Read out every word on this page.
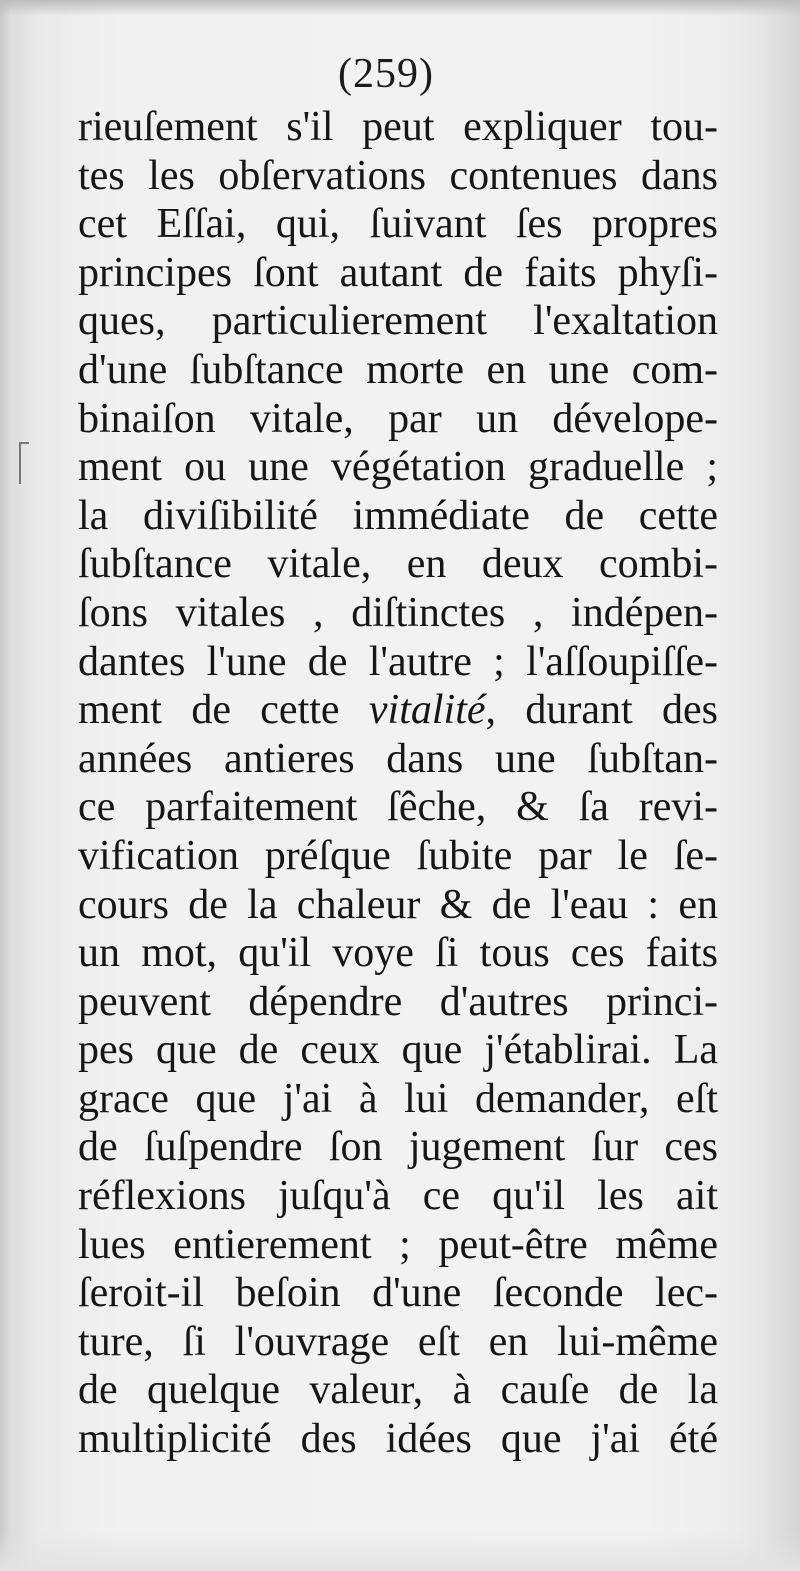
(259)
rieuſement s'il peut expliquer tou-
tes les obſervations contenues dans
cet Eſſai, qui, ſuivant ſes propres
principes ſont autant de faits phyſi-
ques, particulierement l'exaltation
d'une ſubſtance morte en une com-
binaiſon vitale, par un dévelope-
ment ou une végétation graduelle ;
la diviſibilité immédiate de cette
ſubſtance vitale, en deux combi-
ſons vitales , diſtinctes , indépen-
dantes l'une de l'autre ; l'aſſoupiſſe-
ment de cette vitalité, durant des
années antieres dans une ſubſtan-
ce parfaitement ſêche, & ſa revi-
vification préſque ſubite par le ſe-
cours de la chaleur & de l'eau : en
un mot, qu'il voye ſi tous ces faits
peuvent dépendre d'autres princi-
pes que de ceux que j'établirai. La
grace que j'ai à lui demander, eſt
de ſuſpendre ſon jugement ſur ces
réflexions juſqu'à ce qu'il les ait
lues entierement ; peut-être même
ſeroit-il beſoin d'une ſeconde lec-
ture, ſi l'ouvrage eſt en lui-même
de quelque valeur, à cauſe de la
multiplicité des idées que j'ai été
